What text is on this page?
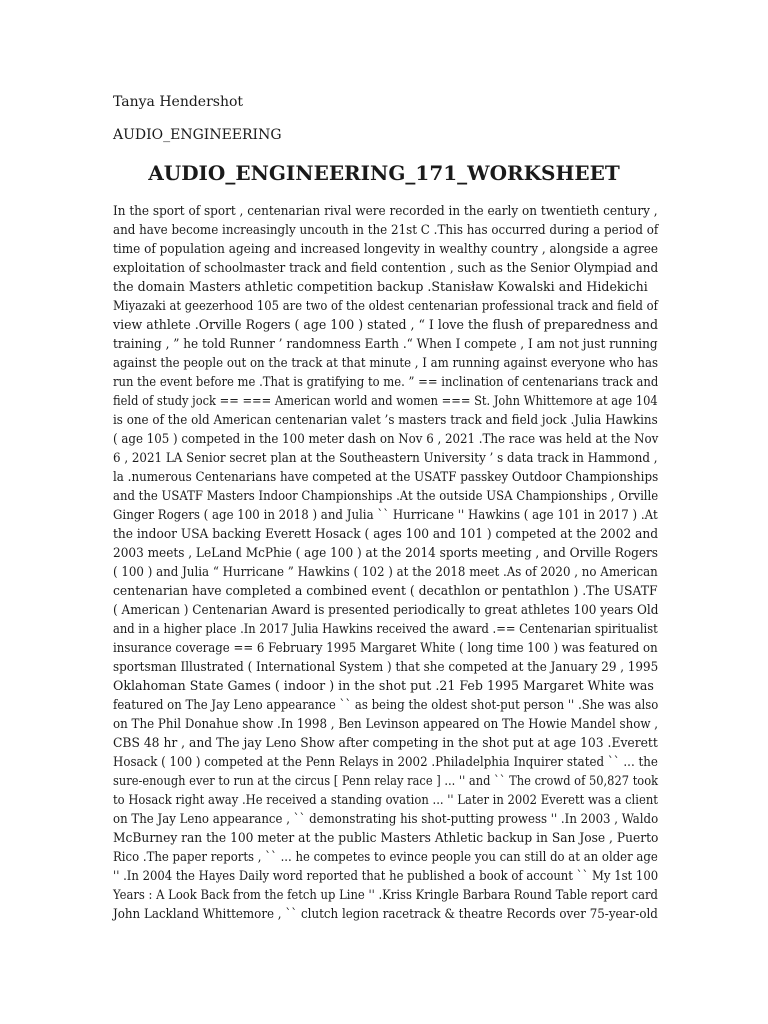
Tanya Hendershot
AUDIO_ENGINEERING
AUDIO_ENGINEERING_171_WORKSHEET
In the sport of sport , centenarian rival were recorded in the early on twentieth century ,
and have become increasingly uncouth in the 21st C .This has occurred during a period of
time of population ageing and increased longevity in wealthy country , alongside a agree
exploitation of schoolmaster track and field contention , such as the Senior Olympiad and
the domain Masters athletic competition backup .Stanisław Kowalski and Hidekichi
Miyazaki at geezerhood 105 are two of the oldest centenarian professional track and field of
view athlete .Orville Rogers ( age 100 ) stated , “ I love the flush of preparedness and
training , ” he told Runner ’ randomness Earth .“ When I compete , I am not just running
against the people out on the track at that minute , I am running against everyone who has
run the event before me .That is gratifying to me. ” == inclination of centenarians track and
field of study jock == === American world and women === St. John Whittemore at age 104
is one of the old American centenarian valet ’s masters track and field jock .Julia Hawkins
( age 105 ) competed in the 100 meter dash on Nov 6 , 2021 .The race was held at the Nov
6 , 2021 LA Senior secret plan at the Southeastern University ’ s data track in Hammond ,
la .numerous Centenarians have competed at the USATF passkey Outdoor Championships
and the USATF Masters Indoor Championships .At the outside USA Championships , Orville
Ginger Rogers ( age 100 in 2018 ) and Julia `` Hurricane '' Hawkins ( age 101 in 2017 ) .At
the indoor USA backing Everett Hosack ( ages 100 and 101 ) competed at the 2002 and
2003 meets , LeLand McPhie ( age 100 ) at the 2014 sports meeting , and Orville Rogers
( 100 ) and Julia “ Hurricane ” Hawkins ( 102 ) at the 2018 meet .As of 2020 , no American
centenarian have completed a combined event ( decathlon or pentathlon ) .The USATF
( American ) Centenarian Award is presented periodically to great athletes 100 years Old
and in a higher place .In 2017 Julia Hawkins received the award .== Centenarian spiritualist
insurance coverage == 6 February 1995 Margaret White ( long time 100 ) was featured on
sportsman Illustrated ( International System ) that she competed at the January 29 , 1995
Oklahoman State Games ( indoor ) in the shot put .21 Feb 1995 Margaret White was
featured on The Jay Leno appearance `` as being the oldest shot-put person '' .She was also
on The Phil Donahue show .In 1998 , Ben Levinson appeared on The Howie Mandel show ,
CBS 48 hr , and The jay Leno Show after competing in the shot put at age 103 .Everett
Hosack ( 100 ) competed at the Penn Relays in 2002 .Philadelphia Inquirer stated `` ... the
sure-enough ever to run at the circus [ Penn relay race ] ... '' and `` The crowd of 50,827 took
to Hosack right away .He received a standing ovation ... '' Later in 2002 Everett was a client
on The Jay Leno appearance , `` demonstrating his shot-putting prowess '' .In 2003 , Waldo
McBurney ran the 100 meter at the public Masters Athletic backup in San Jose , Puerto
Rico .The paper reports , `` ... he competes to evince people you can still do at an older age
'' .In 2004 the Hayes Daily word reported that he published a book of account `` My 1st 100
Years : A Look Back from the fetch up Line '' .Kriss Kringle Barbara Round Table report card
John Lackland Whittemore , `` clutch legion racetrack & theatre Records over 75-year-old
